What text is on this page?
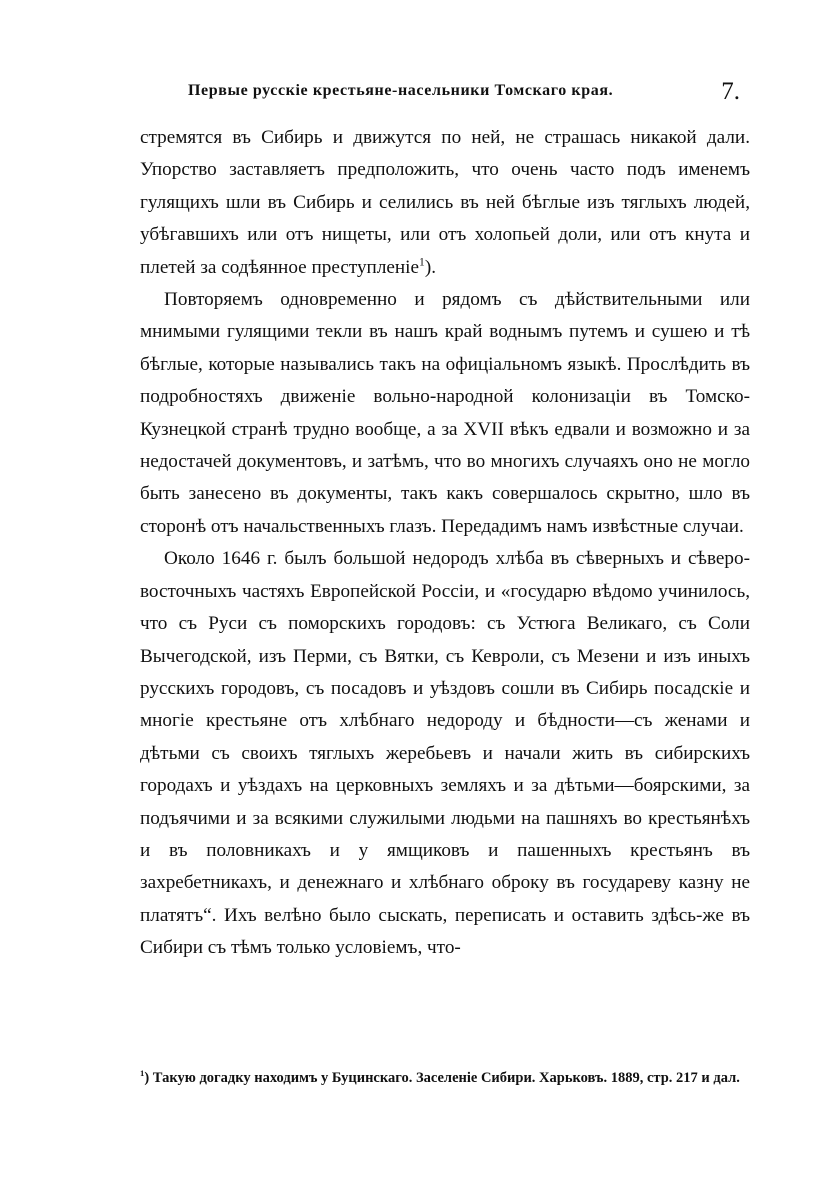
Первые русскіе крестьяне-насельники Томскаго края.	7.

стремятся въ Сибирь и движутся по ней, не страшась никакой дали. Упорство заставляетъ предположить, что очень часто подъ именемъ гулящихъ шли въ Сибирь и селились въ ней бѣглые изъ тяглыхъ людей, убѣгавшихъ или отъ нищеты, или отъ холопьей доли, или отъ кнута и плетей за содѣянное преступленіе$^1$).

Повторяемъ одновременно и рядомъ съ дѣйствительными или мнимыми гулящими текли въ нашъ край воднымъ путемъ и сушею и тѣ бѣглые, которые назывались такъ на офиціальномъ языкѣ. Прослѣдить въ подробностяхъ движеніе вольно-народной колонизаціи въ Томско-Кузнецкой странѣ трудно вообще, а за XVII вѣкъ едвали и возможно и за недостачей документовъ, и затѣмъ, что во многихъ случаяхъ оно не могло быть занесено въ документы, такъ какъ совершалось скрытно, шло въ сторонѣ отъ начальственныхъ глазъ. Передадимъ намъ извѣстные случаи.

Около 1646 г. былъ большой недородъ хлѣба въ сѣверныхъ и сѣверо-восточныхъ частяхъ Европейской Россіи, и «государю вѣдомо учинилось, что съ Руси съ поморскихъ городовъ: съ Устюга Великаго, съ Соли Вычегодской, изъ Перми, съ Вятки, съ Кевроли, съ Мезени и изъ иныхъ русскихъ городовъ, съ посадовъ и уѣздовъ сошли въ Сибирь посадскіе и многіе крестьяне отъ хлѣбнаго недороду и бѣдности—съ женами и дѣтьми съ своихъ тяглыхъ жеребьевъ и начали жить въ сибирскихъ городахъ и уѣздахъ на церковныхъ земляхъ и за дѣтьми—боярскими, за подъячими и за всякими служилыми людьми на пашняхъ во крестьянѣхъ и въ половникахъ и у ямщиковъ и пашенныхъ крестьянъ въ захребетникахъ, и денежнаго и хлѣбнаго оброку въ государеву казну не платятъ“. Ихъ велѣно было сыскать, переписать и оставить здѣсь-же въ Сибири съ тѣмъ только условіемъ, что-

$^1$) Такую догадку находимъ у Буцинскаго. Заселеніе Сибири. Харьковъ. 1889, стр. 217 и дал.
